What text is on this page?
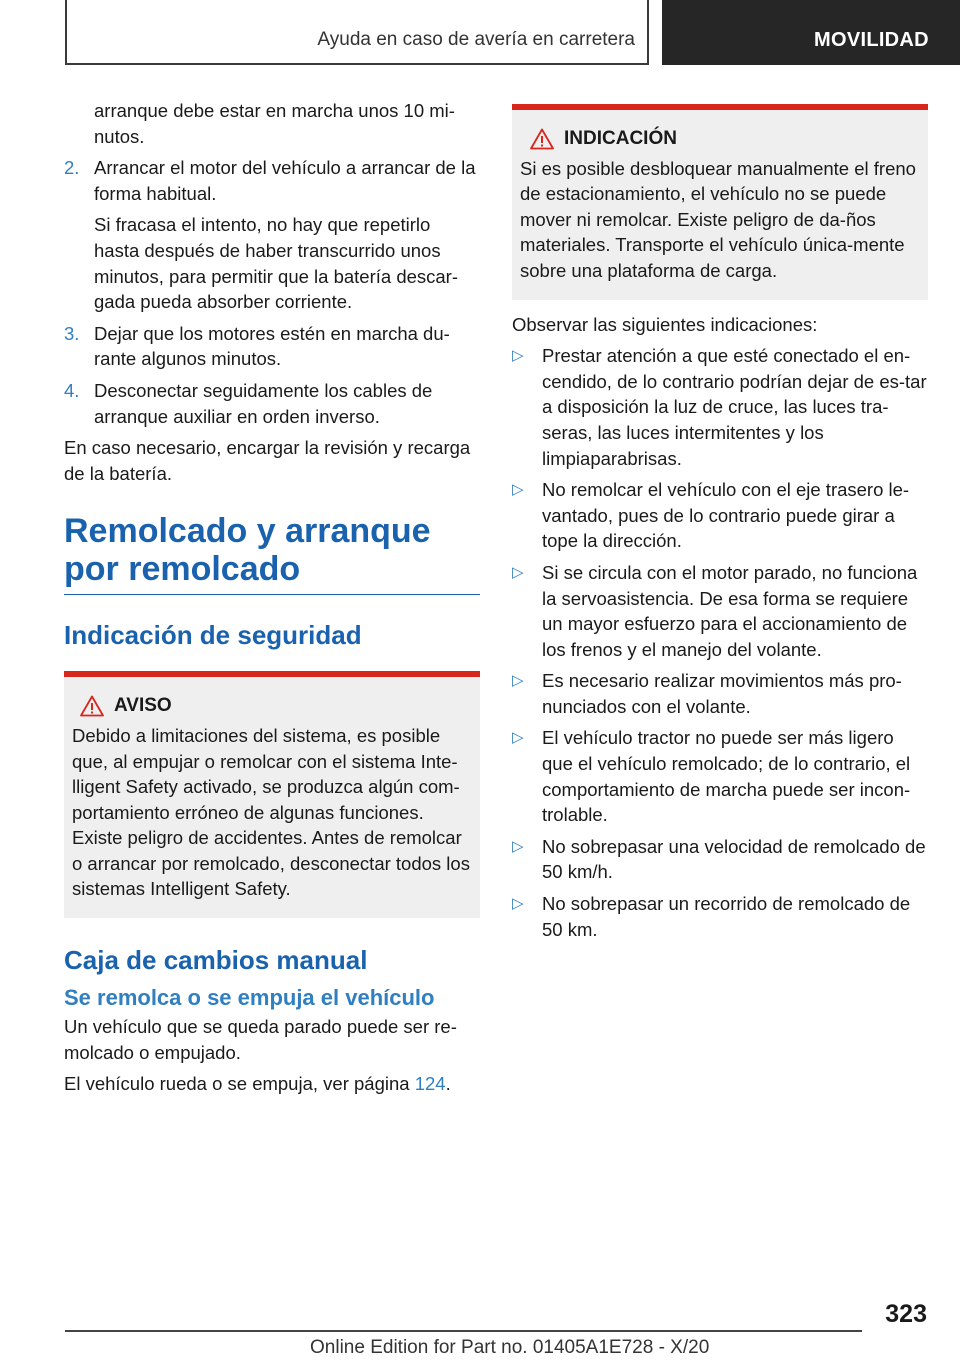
Ayuda en caso de avería en carretera	MOVILIDAD
arranque debe estar en marcha unos 10 mi-
nutos.
2. Arrancar el motor del vehículo a arrancar de la forma habitual.
Si fracasa el intento, no hay que repetirlo hasta después de haber transcurrido unos minutos, para permitir que la batería descar-gada pueda absorber corriente.
3. Dejar que los motores estén en marcha du-rante algunos minutos.
4. Desconectar seguidamente los cables de arranque auxiliar en orden inverso.
En caso necesario, encargar la revisión y recarga de la batería.
Remolcado y arranque por remolcado
Indicación de seguridad
AVISO
Debido a limitaciones del sistema, es posible que, al empujar o remolcar con el sistema Inte-lligent Safety activado, se produzca algún com-portamiento erróneo de algunas funciones. Existe peligro de accidentes. Antes de remolcar o arrancar por remolcado, desconectar todos los sistemas Intelligent Safety.
Caja de cambios manual
Se remolca o se empuja el vehículo
Un vehículo que se queda parado puede ser re-molcado o empujado.
El vehículo rueda o se empuja, ver página 124.
INDICACIÓN
Si es posible desbloquear manualmente el freno de estacionamiento, el vehículo no se puede mover ni remolcar. Existe peligro de da-ños materiales. Transporte el vehículo única-mente sobre una plataforma de carga.
Observar las siguientes indicaciones:
▷ Prestar atención a que esté conectado el en-cendido, de lo contrario podrían dejar de es-tar a disposición la luz de cruce, las luces tra-seras, las luces intermitentes y los limpiaparabrisas.
▷ No remolcar el vehículo con el eje trasero le-vantado, pues de lo contrario puede girar a tope la dirección.
▷ Si se circula con el motor parado, no funciona la servoasistencia. De esa forma se requiere un mayor esfuerzo para el accionamiento de los frenos y el manejo del volante.
▷ Es necesario realizar movimientos más pro-nunciados con el volante.
▷ El vehículo tractor no puede ser más ligero que el vehículo remolcado; de lo contrario, el comportamiento de marcha puede ser incon-trolable.
▷ No sobrepasar una velocidad de remolcado de 50 km/h.
▷ No sobrepasar un recorrido de remolcado de 50 km.
323
Online Edition for Part no. 01405A1E728 - X/20
